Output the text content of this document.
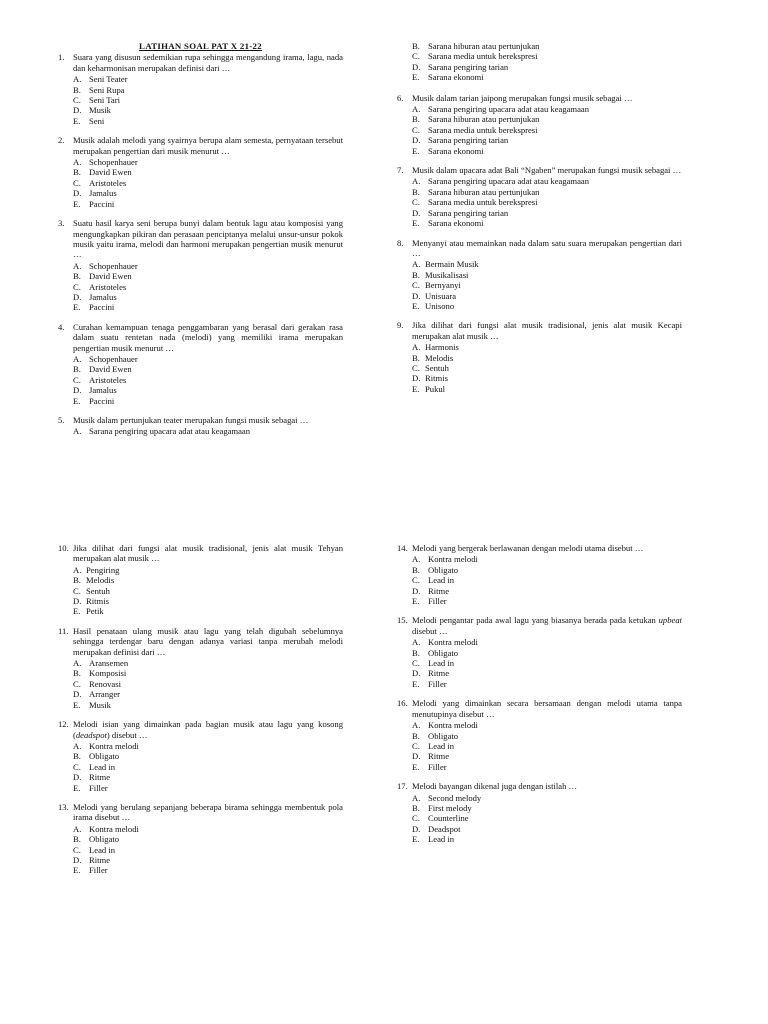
LATIHAN SOAL PAT X 21-22
1. Suara yang disusun sedemikian rupa sehingga mengandung irama, lagu, nada dan keharmonisan merupakan definisi dari …
A. Seni Teater
B. Seni Rupa
C. Seni Tari
D. Musik
E. Seni
2. Musik adalah melodi yang syairnya berupa alam semesta, pernyataan tersebut merupakan pengertian dari musik menurut …
A. Schopenhauer
B. David Ewen
C. Aristoteles
D. Jamalus
E. Paccini
3. Suatu hasil karya seni berupa bunyi dalam bentuk lagu atau komposisi yang mengungkapkan pikiran dan perasaan penciptanya melalui unsur-unsur pokok musik yaitu irama, melodi dan harmoni merupakan pengertian musik menurut …
A. Schopenhauer
B. David Ewen
C. Aristoteles
D. Jamalus
E. Paccini
4. Curahan kemampuan tenaga penggambaran yang berasal dari gerakan rasa dalam suatu rentetan nada (melodi) yang memiliki irama merupakan pengertian musik menurut …
A. Schopenhauer
B. David Ewen
C. Aristoteles
D. Jamalus
E. Paccini
5. Musik dalam pertunjukan teater merupakan fungsi musik sebagai …
A. Sarana pengiring upacara adat atau keagamaan
B. Sarana hiburan atau pertunjukan
C. Sarana media untuk berekspresi
D. Sarana pengiring tarian
E. Sarana ekonomi
6. Musik dalam tarian jaipong merupakan fungsi musik sebagai …
A. Sarana pengiring upacara adat atau keagamaan
B. Sarana hiburan atau pertunjukan
C. Sarana media untuk berekspresi
D. Sarana pengiring tarian
E. Sarana ekonomi
7. Musik dalam upacara adat Bali “Ngaben” merupakan fungsi musik sebagai …
A. Sarana pengiring upacara adat atau keagamaan
B. Sarana hiburan atau pertunjukan
C. Sarana media untuk berekspresi
D. Sarana pengiring tarian
E. Sarana ekonomi
8. Menyanyi atau memainkan nada dalam satu suara merupakan pengertian dari …
A. Bermain Musik
B. Musikalisasi
C. Bernyanyi
D. Unisuara
E. Unisono
9. Jika dilihat dari fungsi alat musik tradisional, jenis alat musik Kecapi merupakan alat musik …
A. Harmonis
B. Melodis
C. Sentuh
D. Ritmis
E. Pukul
10. Jika dilihat dari fungsi alat musik tradisional, jenis alat musik Tehyan merupakan alat musik …
A. Pengiring
B. Melodis
C. Sentuh
D. Ritmis
E. Petik
11. Hasil penataan ulang musik atau lagu yang telah digubah sebelumnya sehingga terdengar baru dengan adanya variasi tanpa merubah melodi merupakan definisi dari …
A. Aransemen
B. Komposisi
C. Renovasi
D. Arranger
E. Musik
12. Melodi isian yang dimainkan pada bagian musik atau lagu yang kosong (deadspot) disebut …
A. Kontra melodi
B. Obligato
C. Lead in
D. Ritme
E. Filler
13. Melodi yang berulang sepanjang beberapa birama sehingga membentuk pola irama disebut …
A. Kontra melodi
B. Obligato
C. Lead in
D. Ritme
E. Filler
14. Melodi yang bergerak berlawanan dengan melodi utama disebut …
A. Kontra melodi
B. Obligato
C. Lead in
D. Ritme
E. Filler
15. Melodi pengantar pada awal lagu yang biasanya berada pada ketukan upbeat disebut …
A. Kontra melodi
B. Obligato
C. Lead in
D. Ritme
E. Filler
16. Melodi yang dimainkan secara bersamaan dengan melodi utama tanpa menutupinya disebut …
A. Kontra melodi
B. Obligato
C. Lead in
D. Ritme
E. Filler
17. Melodi bayangan dikenal juga dengan istilah …
A. Second melody
B. First melody
C. Counterline
D. Deadspot
E. Lead in
